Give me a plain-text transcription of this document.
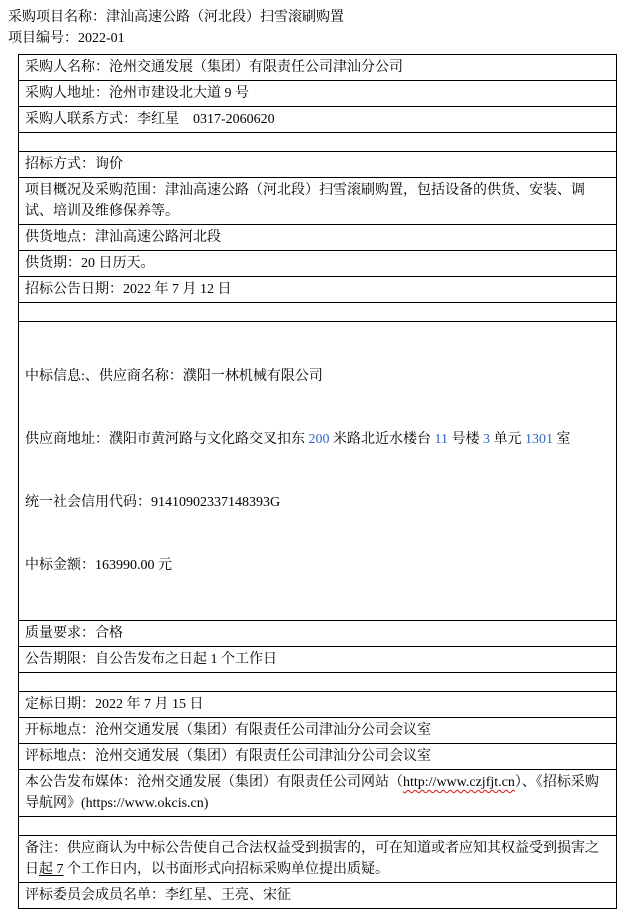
采购项目名称：津汕高速公路（河北段）扫雪滚刷购置
项目编号：2022-01
采购人名称：沧州交通发展（集团）有限责任公司津汕分公司
采购人地址：沧州市建设北大道 9 号
采购人联系方式：李红星    0317-2060620
招标方式：询价
项目概况及采购范围：津汕高速公路（河北段）扫雪滚刷购置，包括设备的供货、安装、调试、培训及维修保养等。
供货地点：津汕高速公路河北段
供货期：20 日历天。
招标公告日期：2022 年 7 月 12 日

中标信息:、供应商名称：濮阳一林机械有限公司

供应商地址：濮阳市黄河路与文化路交叉扣东 200 米路北近水楼台 11 号楼 3 单元 1301 室

统一社会信用代码：91410902337148393G

中标金额：163990.00 元

质量要求：合格
公告期限：自公告发布之日起 1 个工作日
定标日期：2022 年 7 月 15 日
开标地点：沧州交通发展（集团）有限责任公司津汕分公司会议室
评标地点：沧州交通发展（集团）有限责任公司津汕分公司会议室
本公告发布媒体：沧州交通发展（集团）有限责任公司网站（http://www.czjfjt.cn）、《招标采购导航网》(https://www.okcis.cn)
备注：供应商认为中标公告使自己合法权益受到损害的，可在知道或者应知其权益受到损害之日起 7 个工作日内，以书面形式向招标采购单位提出质疑。
评标委员会成员名单：李红星、王亮、宋征
